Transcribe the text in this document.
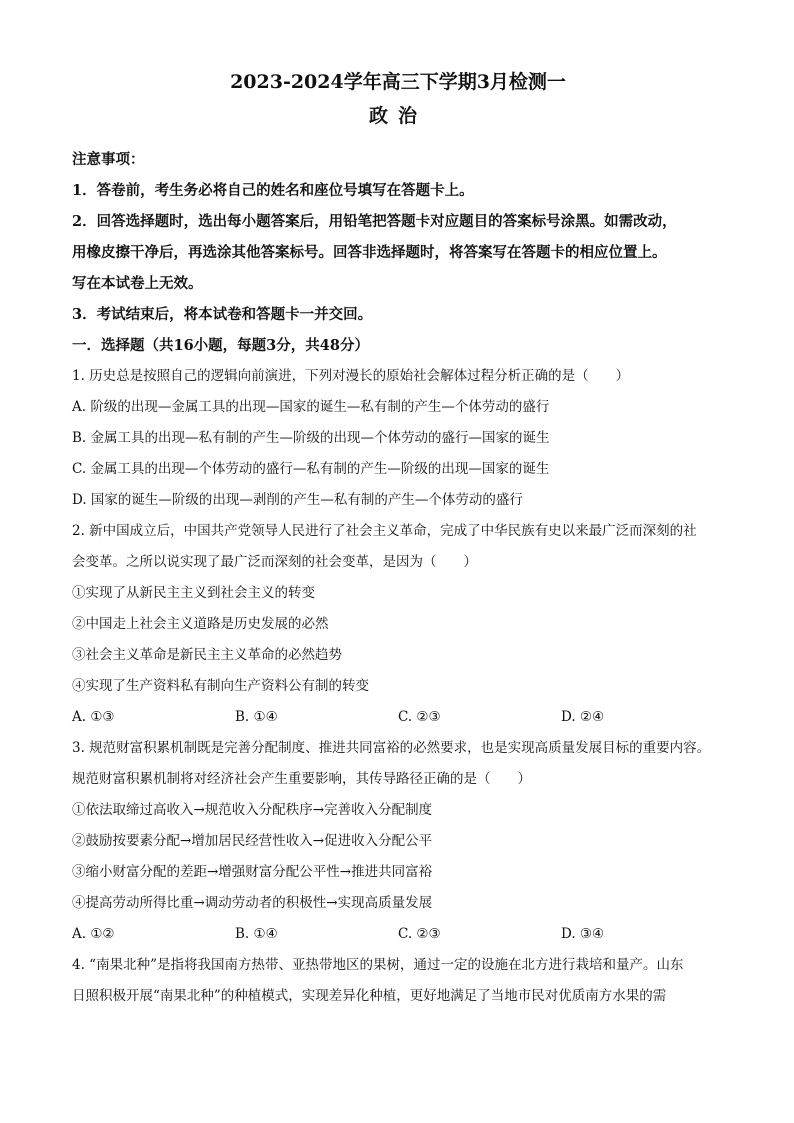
2023-2024学年高三下学期3月检测一
政治
注意事项：
1．答卷前，考生务必将自己的姓名和座位号填写在答题卡上。
2．回答选择题时，选出每小题答案后，用铅笔把答题卡对应题目的答案标号涂黑。如需改动，
用橡皮擦干净后，再选涂其他答案标号。回答非选择题时，将答案写在答题卡的相应位置上。
写在本试卷上无效。
3．考试结束后，将本试卷和答题卡一并交回。
一．选择题（共16小题，每题3分，共48分）
1. 历史总是按照自己的逻辑向前演进，下列对漫长的原始社会解体过程分析正确的是（　　）
A. 阶级的出现—金属工具的出现—国家的诞生—私有制的产生—个体劳动的盛行
B. 金属工具的出现—私有制的产生—阶级的出现—个体劳动的盛行—国家的诞生
C. 金属工具的出现—个体劳动的盛行—私有制的产生—阶级的出现—国家的诞生
D. 国家的诞生—阶级的出现—剥削的产生—私有制的产生—个体劳动的盛行
2. 新中国成立后，中国共产党领导人民进行了社会主义革命，完成了中华民族有史以来最广泛而深刻的社
会变革。之所以说实现了最广泛而深刻的社会变革，是因为（　　）
①实现了从新民主主义到社会主义的转变
②中国走上社会主义道路是历史发展的必然
③社会主义革命是新民主主义革命的必然趋势
④实现了生产资料私有制向生产资料公有制的转变
A. ①③	B. ①④	C. ②③	D. ②④
3. 规范财富积累机制既是完善分配制度、推进共同富裕的必然要求，也是实现高质量发展目标的重要内容。
规范财富积累机制将对经济社会产生重要影响，其传导路径正确的是（　　）
①依法取缔过高收入→规范收入分配秩序→完善收入分配制度
②鼓励按要素分配→增加居民经营性收入→促进收入分配公平
③缩小财富分配的差距→增强财富分配公平性→推进共同富裕
④提高劳动所得比重→调动劳动者的积极性→实现高质量发展
A. ①②	B. ①④	C. ②③	D. ③④
4. “南果北种”是指将我国南方热带、亚热带地区的果树，通过一定的设施在北方进行栽培和量产。山东
日照积极开展“南果北种”的种植模式，实现差异化种植，更好地满足了当地市民对优质南方水果的需
